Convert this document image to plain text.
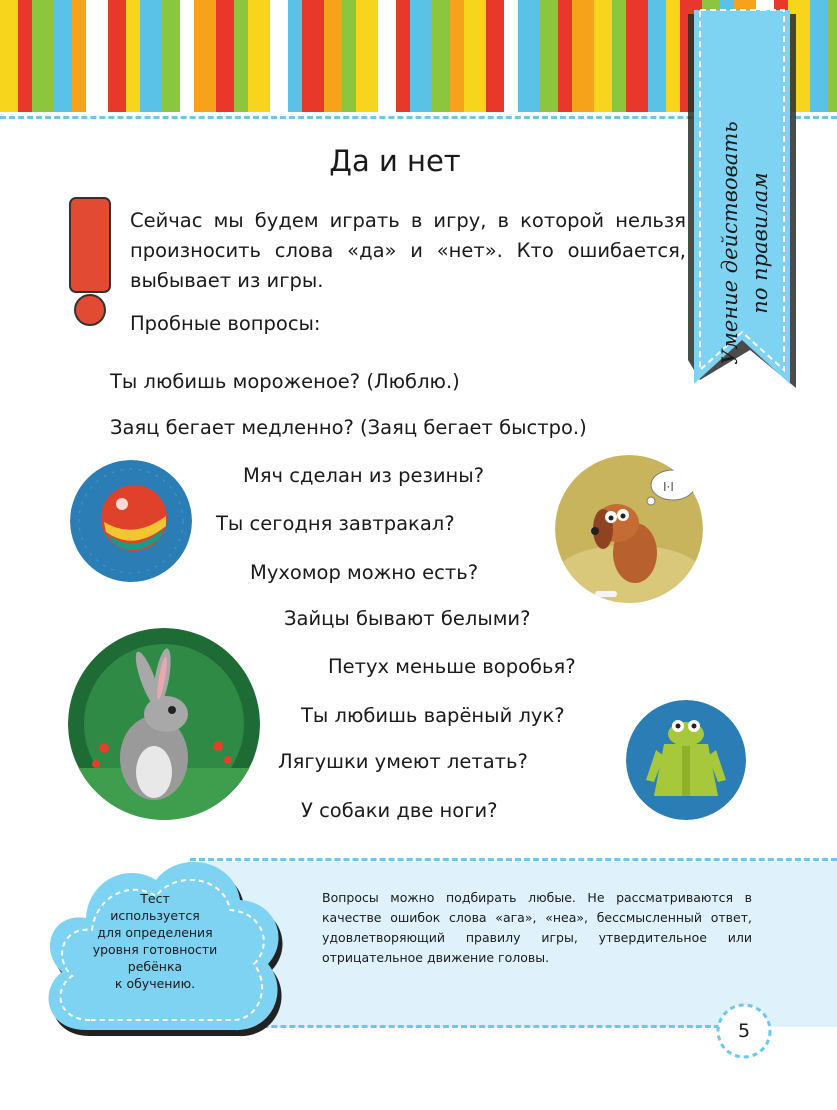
Умение действовать по правилам
Да и нет
Сейчас мы будем играть в игру, в которой нельзя произносить слова «да» и «нет». Кто ошибается, выбывает из игры.
Пробные вопросы:
Ты любишь мороженое? (Люблю.)
Заяц бегает медленно? (Заяц бегает быстро.)
Мяч сделан из резины?
Ты сегодня завтракал?
Мухомор можно есть?
Зайцы бывают белыми?
Петух меньше воробья?
Ты любишь варёный лук?
Лягушки умеют летать?
У собаки две ноги?
I·I
Тест
используется
для определения
уровня готовности
ребёнка
к обучению.
Вопросы можно подбирать любые. Не рассматриваются в качестве ошибок слова «ага», «неа», бессмысленный ответ, удовлетворяющий правилу игры, утвердительное или отрицательное движение головы.
5
